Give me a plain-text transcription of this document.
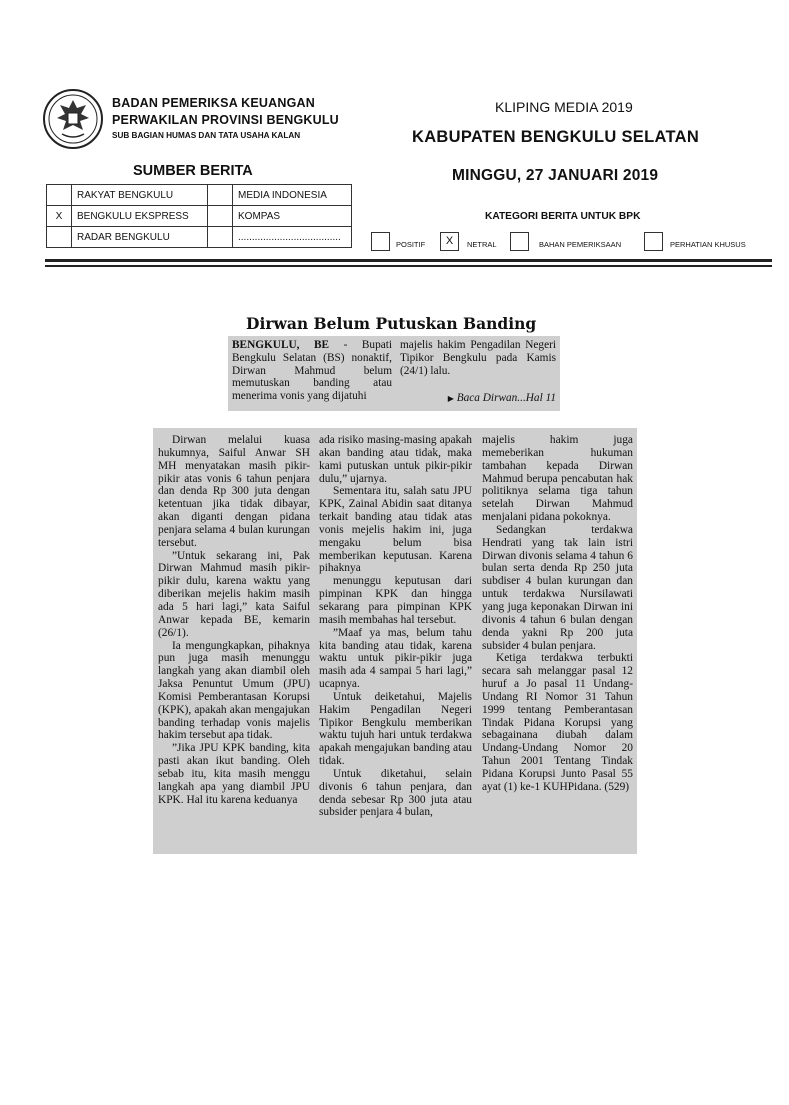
BADAN PEMERIKSA KEUANGAN
PERWAKILAN PROVINSI BENGKULU
SUB BAGIAN HUMAS DAN TATA USAHA KALAN
KLIPING MEDIA 2019
KABUPATEN BENGKULU SELATAN
MINGGU, 27 JANUARI 2019
SUMBER BERITA
	RAKYAT BENGKULU		MEDIA INDONESIA
X	BENGKULU EKSPRESS		KOMPAS
	RADAR BENGKULU		.....................................
KATEGORI BERITA UNTUK BPK
POSITIF	X	NETRAL	BAHAN PEMERIKSAAN	PERHATIAN KHUSUS
Dirwan Belum Putuskan Banding
BENGKULU, BE - Bupati Bengkulu Selatan (BS) nonaktif, Dirwan Mahmud belum memutuskan banding atau menerima vonis yang dijatuhi
majelis hakim Pengadilan Negeri Tipikor Bengkulu pada Kamis (24/1) lalu.
▶ Baca Dirwan...Hal 11

Dirwan melalui kuasa hukumnya, Saiful Anwar SH MH menyatakan masih pikir-pikir atas vonis 6 tahun penjara dan denda Rp 300 juta dengan ketentuan jika tidak dibayar, akan diganti dengan pidana penjara selama 4 bulan kurungan tersebut.

”Untuk sekarang ini, Pak Dirwan Mahmud masih pikir-pikir dulu, karena waktu yang diberikan mejelis hakim masih ada 5 hari lagi,” kata Saiful Anwar kepada BE, kemarin (26/1).

Ia mengungkapkan, pihaknya pun juga masih menunggu langkah yang akan diambil oleh Jaksa Penuntut Umum (JPU) Komisi Pemberantasan Korupsi (KPK), apakah akan mengajukan banding terhadap vonis majelis hakim tersebut apa tidak.

”Jika JPU KPK banding, kita pasti akan ikut banding. Oleh sebab itu, kita masih menggu langkah apa yang diambil JPU KPK. Hal itu karena keduanya

ada risiko masing-masing apakah akan banding atau tidak, maka kami putuskan untuk pikir-pikir dulu,” ujarnya.

Sementara itu, salah satu JPU KPK, Zainal Abidin saat ditanya terkait banding atau tidak atas vonis mejelis hakim ini, juga mengaku belum bisa memberikan keputusan. Karena pihaknya

menunggu keputusan dari pimpinan KPK dan hingga sekarang para pimpinan KPK masih membahas hal tersebut.

”Maaf ya mas, belum tahu kita banding atau tidak, karena waktu untuk pikir-pikir juga masih ada 4 sampai 5 hari lagi,” ucapnya.

Untuk deiketahui, Majelis Hakim Pengadilan Negeri Tipikor Bengkulu memberikan waktu tujuh hari untuk terdakwa apakah mengajukan banding atau tidak.

Untuk diketahui, selain divonis 6 tahun penjara, dan denda sebesar Rp 300 juta atau subsider penjara 4 bulan,

majelis hakim juga memeberikan hukuman tambahan kepada Dirwan Mahmud berupa pencabutan hak politiknya selama tiga tahun setelah Dirwan Mahmud menjalani pidana pokoknya.

Sedangkan terdakwa Hendrati yang tak lain istri Dirwan divonis selama 4 tahun 6 bulan serta denda Rp 250 juta subdiser 4 bulan kurungan dan untuk terdakwa Nursilawati yang juga keponakan Dirwan ini divonis 4 tahun 6 bulan dengan denda yakni Rp 200 juta subsider 4 bulan penjara.

Ketiga terdakwa terbukti secara sah melanggar pasal 12 huruf a Jo pasal 11 Undang-Undang RI Nomor 31 Tahun 1999 tentang Pemberantasan Tindak Pidana Korupsi yang sebagainana diubah dalam Undang-Undang Nomor 20 Tahun 2001 Tentang Tindak Pidana Korupsi Junto Pasal 55 ayat (1) ke-1 KUHPidana. (529)
